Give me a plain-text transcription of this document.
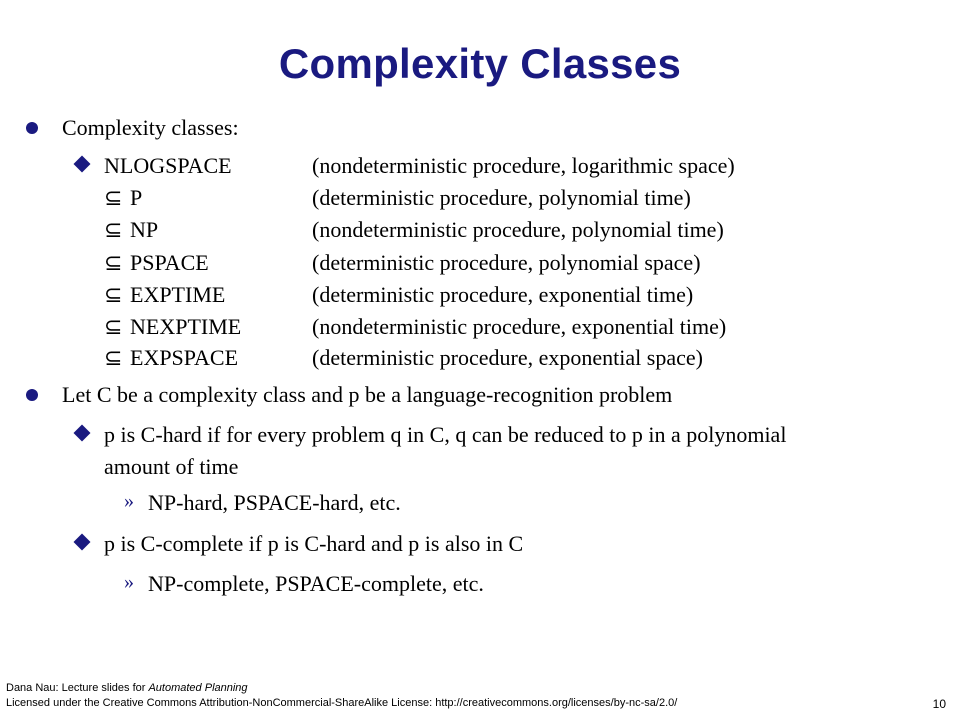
Complexity Classes
Complexity classes:
NLOGSPACE	(nondeterministic procedure, logarithmic space)
⊆ P	(deterministic procedure, polynomial time)
⊆ NP	(nondeterministic procedure, polynomial time)
⊆ PSPACE	(deterministic procedure, polynomial space)
⊆ EXPTIME	(deterministic procedure, exponential time)
⊆ NEXPTIME	(nondeterministic procedure, exponential time)
⊆ EXPSPACE	(deterministic procedure, exponential space)
Let C be a complexity class and p be a language-recognition problem
p is C-hard if for every problem q in C, q can be reduced to p in a polynomial
amount of time
» NP-hard, PSPACE-hard, etc.
p is C-complete if p is C-hard and p is also in C
» NP-complete, PSPACE-complete, etc.
Dana Nau: Lecture slides for Automated Planning
Licensed under the Creative Commons Attribution-NonCommercial-ShareAlike License: http://creativecommons.org/licenses/by-nc-sa/2.0/	10
